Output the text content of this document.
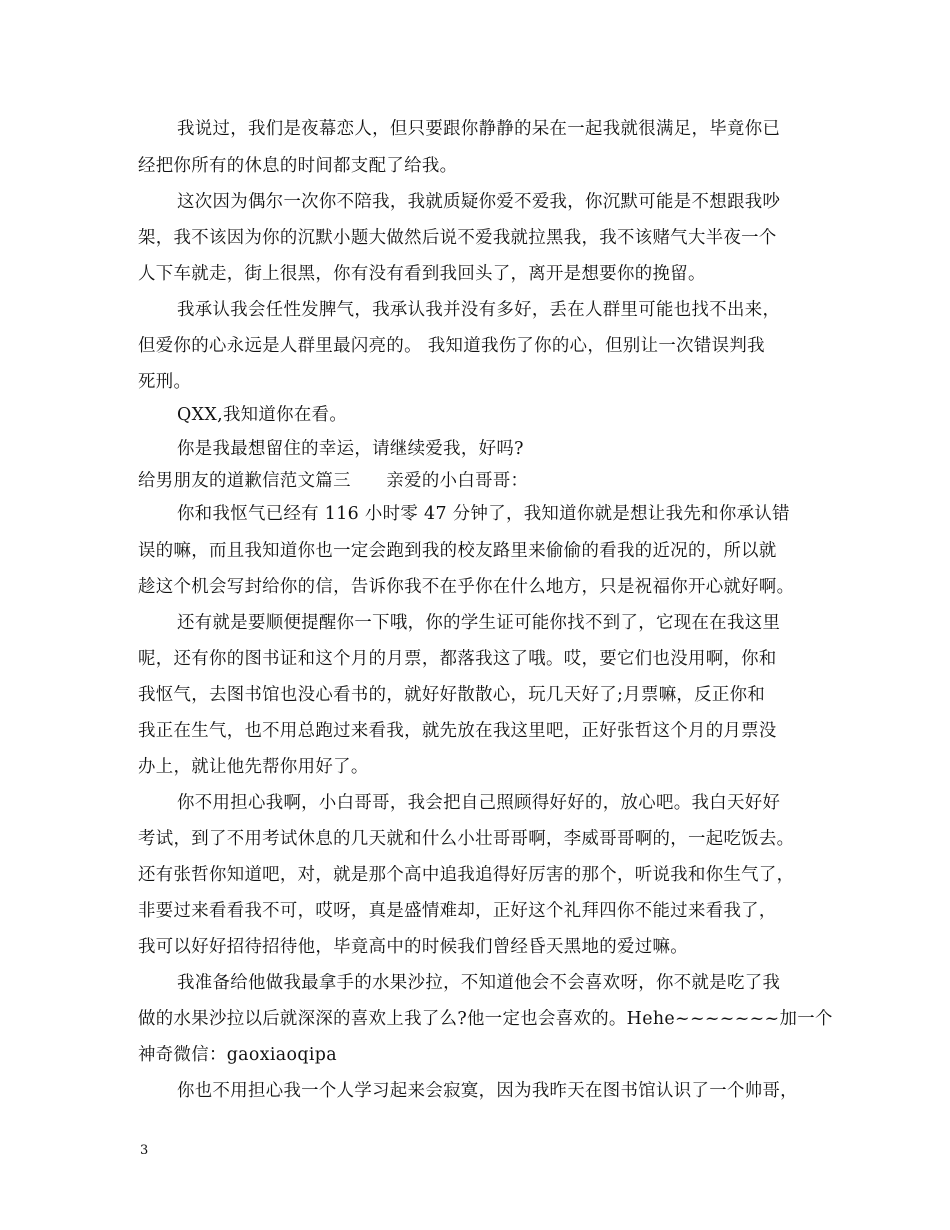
我说过，我们是夜幕恋人，但只要跟你静静的呆在一起我就很满足，毕竟你已
经把你所有的休息的时间都支配了给我。
这次因为偶尔一次你不陪我，我就质疑你爱不爱我，你沉默可能是不想跟我吵
架，我不该因为你的沉默小题大做然后说不爱我就拉黑我，我不该赌气大半夜一个
人下车就走，街上很黑，你有没有看到我回头了，离开是想要你的挽留。
我承认我会任性发脾气，我承认我并没有多好，丢在人群里可能也找不出来，
但爱你的心永远是人群里最闪亮的。 我知道我伤了你的心，但别让一次错误判我
死刑。
QXX,我知道你在看。
你是我最想留住的幸运，请继续爱我，好吗?
给男朋友的道歉信范文篇三　　亲爱的小白哥哥：
你和我怄气已经有 116 小时零 47 分钟了，我知道你就是想让我先和你承认错
误的嘛，而且我知道你也一定会跑到我的校友路里来偷偷的看我的近况的，所以就
趁这个机会写封给你的信，告诉你我不在乎你在什么地方，只是祝福你开心就好啊。
还有就是要顺便提醒你一下哦，你的学生证可能你找不到了，它现在在我这里
呢，还有你的图书证和这个月的月票，都落我这了哦。哎，要它们也没用啊，你和
我怄气，去图书馆也没心看书的，就好好散散心，玩几天好了;月票嘛，反正你和
我正在生气，也不用总跑过来看我，就先放在我这里吧，正好张哲这个月的月票没
办上，就让他先帮你用好了。
你不用担心我啊，小白哥哥，我会把自己照顾得好好的，放心吧。我白天好好
考试，到了不用考试休息的几天就和什么小壮哥哥啊，李威哥哥啊的，一起吃饭去。
还有张哲你知道吧，对，就是那个高中追我追得好厉害的那个，听说我和你生气了，
非要过来看看我不可，哎呀，真是盛情难却，正好这个礼拜四你不能过来看我了，
我可以好好招待招待他，毕竟高中的时候我们曾经昏天黑地的爱过嘛。
我准备给他做我最拿手的水果沙拉，不知道他会不会喜欢呀，你不就是吃了我
做的水果沙拉以后就深深的喜欢上我了么?他一定也会喜欢的。Hehe~~~~~~~加一个
神奇微信：gaoxiaoqipa
你也不用担心我一个人学习起来会寂寞，因为我昨天在图书馆认识了一个帅哥，
3
